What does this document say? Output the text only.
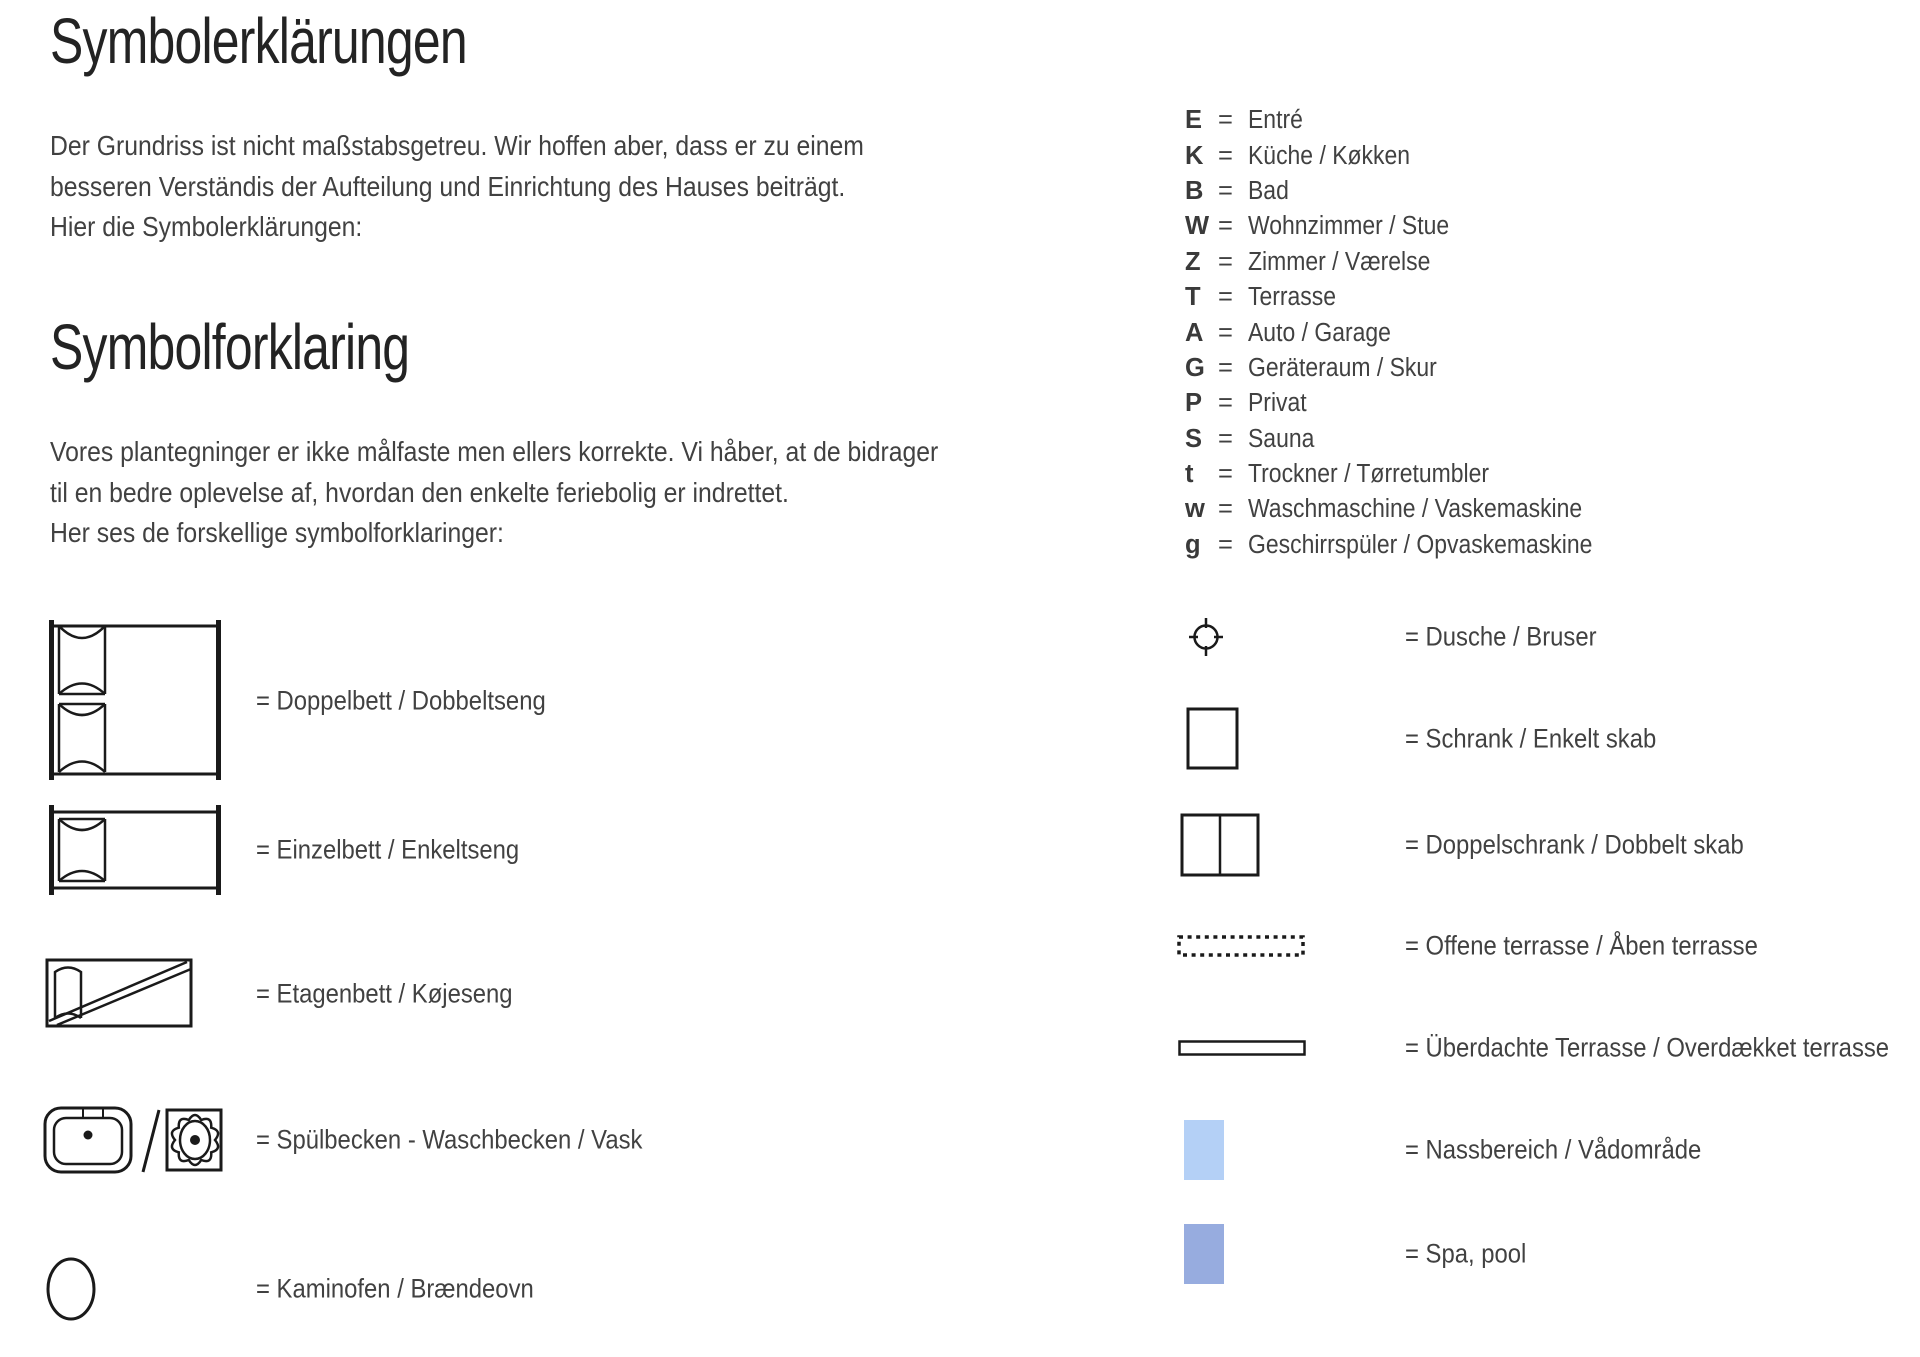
Symbolerklärungen
Der Grundriss ist nicht maßstabsgetreu. Wir hoffen aber, dass er zu einem
besseren Verständis der Aufteilung und Einrichtung des Hauses beiträgt.
Hier die Symbolerklärungen:
Symbolforklaring
Vores plantegninger er ikke målfaste men ellers korrekte. Vi håber, at de bidrager
til en bedre oplevelse af, hvordan den enkelte feriebolig er indrettet.
Her ses de forskellige symbolforklaringer:
E = Entré
K = Küche / Køkken
B = Bad
W = Wohnzimmer / Stue
Z = Zimmer / Værelse
T = Terrasse
A = Auto / Garage
G = Geräteraum / Skur
P = Privat
S = Sauna
t = Trockner / Tørretumbler
w = Waschmaschine / Vaskemaskine
g = Geschirrspüler / Opvaskemaskine
= Doppelbett / Dobbeltseng
= Einzelbett / Enkeltseng
= Etagenbett / Køjeseng
= Spülbecken - Waschbecken / Vask
= Kaminofen / Brændeovn
= Dusche / Bruser
= Schrank / Enkelt skab
= Doppelschrank / Dobbelt skab
= Offene terrasse / Åben terrasse
= Überdachte Terrasse / Overdækket terrasse
= Nassbereich / Vådområde
= Spa, pool
